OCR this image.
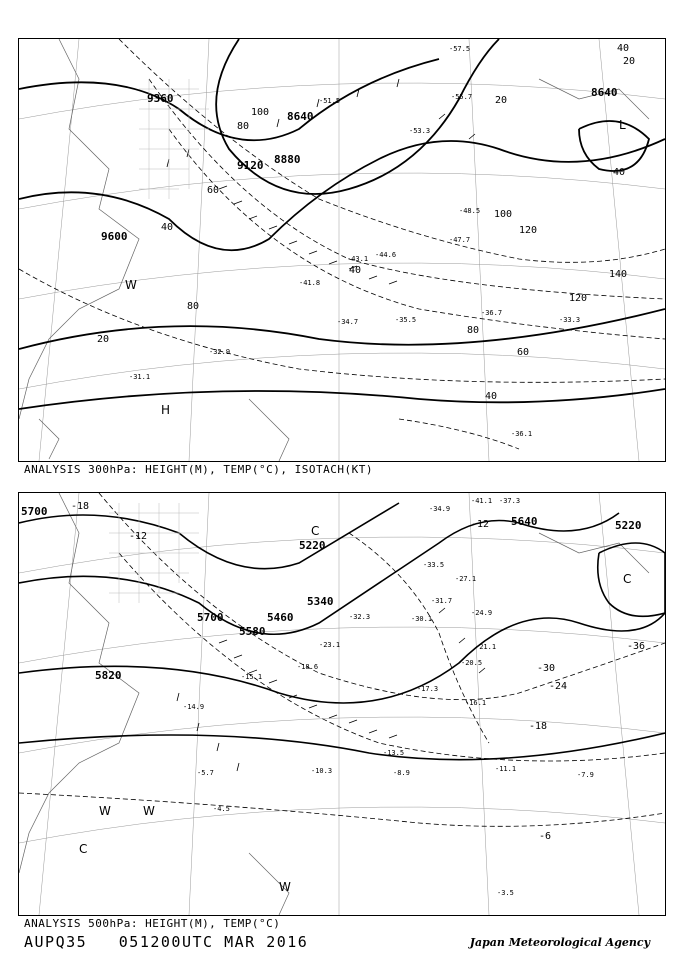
9360
8640
9120 8880
9600
8640
100
80
60
40
20
140
120
100
80
60
40
120
80
40
20
40
20
40
-51.5
-53.3
-55.7
-57.5
-47.7
-43.1
-41.8
-35.5
-34.7	-33.3
-32.9
-31.1
-36.1
-36.7
-48.5
-44.6
L
H
W
ANALYSIS 300hPa: HEIGHT(M), TEMP(°C), ISOTACH(KT)
5700
5220
5700	5460
5340
5580
5820
5640	5220
-18
-12
-36
-30
-24
-18
-12
-6
-37.3
-41.1
-34.9
-33.5
-32.3
-31.7
-30.1
-27.1
-24.9
-23.1	-21.1
-20.5
-18.6
-17.3
-16.1
-15.1
-14.9
-13.5
-11.1
-10.3	-8.9	-7.9
-5.7
-4.5
-3.5
C
C
C
W	W
W
ANALYSIS 500hPa: HEIGHT(M), TEMP(°C)
AUPQ35   051200UTC MAR 2016	Japan Meteorological Agency
